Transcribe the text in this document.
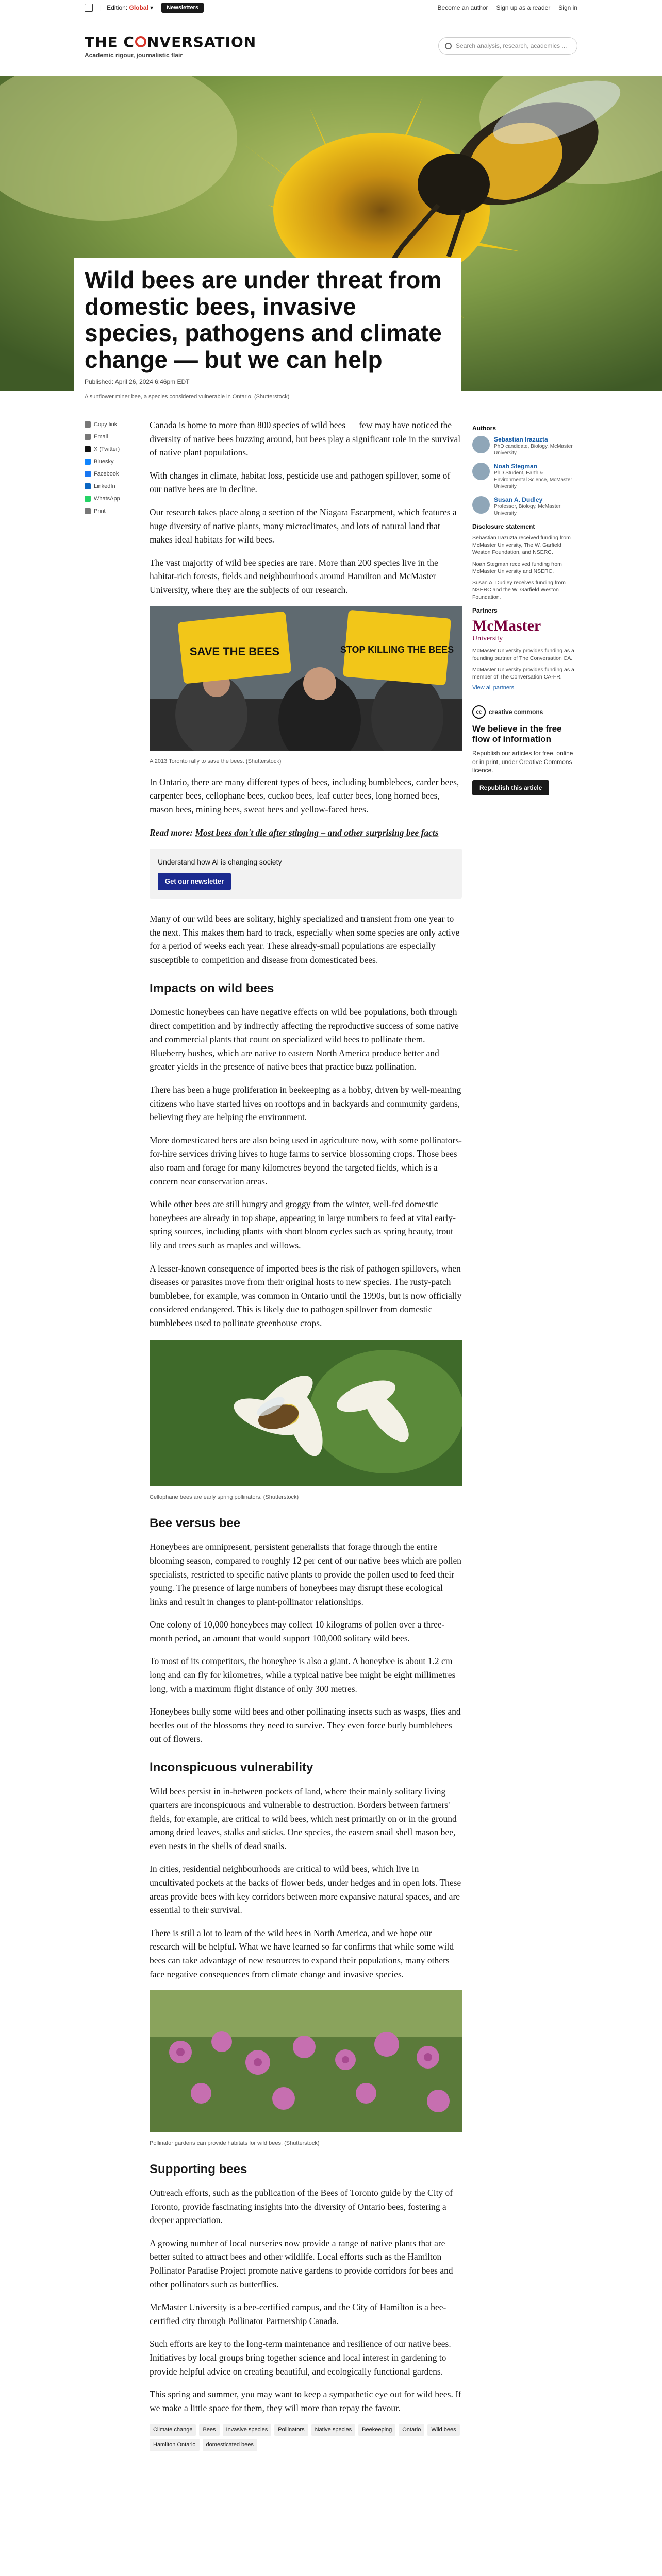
| Edition: Global ▾	Newsletters	Become an author Sign up as a reader Sign in
THE C NVERSATION
Academic rigour, journalistic flair
Search analysis, research, academics ...
Wild bees are under threat from domestic bees, invasive species, pathogens and climate change — but we can help
Published: April 26, 2024 6:46pm EDT
A sunflower miner bee, a species considered vulnerable in Ontario. (Shutterstock)
Copy link
Email
X (Twitter)
Bluesky
Facebook
LinkedIn
WhatsApp
Print

Canada is home to more than 800 species of wild bees — few may have noticed the diversity of native bees buzzing around, but bees play a significant role in the survival of native plant populations.

With changes in climate, habitat loss, pesticide use and pathogen spillover, some of our native bees are in decline.

Our research takes place along a section of the Niagara Escarpment, which features a huge diversity of native plants, many microclimates, and lots of natural land that makes ideal habitats for wild bees.

The vast majority of wild bee species are rare. More than 200 species live in the habitat-rich forests, fields and neighbourhoods around Hamilton and McMaster University, where they are the subjects of our research.

SAVE THE BEES	STOP KILLING THE BEES
A 2013 Toronto rally to save the bees. (Shutterstock)

In Ontario, there are many different types of bees, including bumblebees, carder bees, carpenter bees, cellophane bees, cuckoo bees, leaf cutter bees, long horned bees, mason bees, mining bees, sweat bees and yellow-faced bees.

Read more: Most bees don't die after stinging – and other surprising bee facts

Understand how AI is changing society
Get our newsletter

Many of our wild bees are solitary, highly specialized and transient from one year to the next. This makes them hard to track, especially when some species are only active for a period of weeks each year. These already-small populations are especially susceptible to competition and disease from domesticated bees.

Impacts on wild bees

Domestic honeybees can have negative effects on wild bee populations, both through direct competition and by indirectly affecting the reproductive success of some native and commercial plants that count on specialized wild bees to pollinate them. Blueberry bushes, which are native to eastern North America produce better and greater yields in the presence of native bees that practice buzz pollination.

There has been a huge proliferation in beekeeping as a hobby, driven by well-meaning citizens who have started hives on rooftops and in backyards and community gardens, believing they are helping the environment.

More domesticated bees are also being used in agriculture now, with some pollinators-for-hire services driving hives to huge farms to service blossoming crops. Those bees also roam and forage for many kilometres beyond the targeted fields, which is a concern near conservation areas.

While other bees are still hungry and groggy from the winter, well-fed domestic honeybees are already in top shape, appearing in large numbers to feed at vital early-spring sources, including plants with short bloom cycles such as spring beauty, trout lily and trees such as maples and willows.

A lesser-known consequence of imported bees is the risk of pathogen spillovers, when diseases or parasites move from their original hosts to new species. The rusty-patch bumblebee, for example, was common in Ontario until the 1990s, but is now officially considered endangered. This is likely due to pathogen spillover from domestic bumblebees used to pollinate greenhouse crops.

Cellophane bees are early spring pollinators. (Shutterstock)
Bee versus bee

Honeybees are omnipresent, persistent generalists that forage through the entire blooming season, compared to roughly 12 per cent of our native bees which are pollen specialists, restricted to specific native plants to provide the pollen used to feed their young. The presence of large numbers of honeybees may disrupt these ecological links and result in changes to plant-pollinator relationships.

One colony of 10,000 honeybees may collect 10 kilograms of pollen over a three-month period, an amount that would support 100,000 solitary wild bees.

To most of its competitors, the honeybee is also a giant. A honeybee is about 1.2 cm long and can fly for kilometres, while a typical native bee might be eight millimetres long, with a maximum flight distance of only 300 metres.

Honeybees bully some wild bees and other pollinating insects such as wasps, flies and beetles out of the blossoms they need to survive. They even force burly bumblebees out of flowers.

Inconspicuous vulnerability

Wild bees persist in in-between pockets of land, where their mainly solitary living quarters are inconspicuous and vulnerable to destruction. Borders between farmers' fields, for example, are critical to wild bees, which nest primarily on or in the ground among dried leaves, stalks and sticks. One species, the eastern snail shell mason bee, even nests in the shells of dead snails.

In cities, residential neighbourhoods are critical to wild bees, which live in uncultivated pockets at the backs of flower beds, under hedges and in open lots. These areas provide bees with key corridors between more expansive natural spaces, and are essential to their survival.

There is still a lot to learn of the wild bees in North America, and we hope our research will be helpful. What we have learned so far confirms that while some wild bees can take advantage of new resources to expand their populations, many others face negative consequences from climate change and invasive species.

Pollinator gardens can provide habitats for wild bees. (Shutterstock)
Supporting bees

Outreach efforts, such as the publication of the Bees of Toronto guide by the City of Toronto, provide fascinating insights into the diversity of Ontario bees, fostering a deeper appreciation.

A growing number of local nurseries now provide a range of native plants that are better suited to attract bees and other wildlife. Local efforts such as the Hamilton Pollinator Paradise Project promote native gardens to provide corridors for bees and other pollinators such as butterflies.

McMaster University is a bee-certified campus, and the City of Hamilton is a bee-certified city through Pollinator Partnership Canada.

Such efforts are key to the long-term maintenance and resilience of our native bees. Initiatives by local groups bring together science and local interest in gardening to provide helpful advice on creating beautiful, and ecologically functional gardens.

This spring and summer, you may want to keep a sympathetic eye out for wild bees. If we make a little space for them, they will more than repay the favour.

Climate change	Bees	Invasive species	Pollinators	Native species	Beekeeping	Ontario	Wild bees
Hamilton Ontario	domesticated bees
Authors
Sebastian Irazuzta
PhD candidate, Biology, McMaster University
Noah Stegman
PhD Student, Earth & Environmental Science, McMaster University
Susan A. Dudley
Professor, Biology, McMaster University
Disclosure statement

Sebastian Irazuzta received funding from McMaster University, The W. Garfield Weston Foundation, and NSERC.

Noah Stegman received funding from McMaster University and NSERC.

Susan A. Dudley receives funding from NSERC and the W. Garfield Weston Foundation.

Partners
McMaster
University

McMaster University provides funding as a founding partner of The Conversation CA.

McMaster University provides funding as a member of The Conversation CA-FR.

View all partners
cc	creative commons
We believe in the free flow of information

Republish our articles for free, online or in print, under Creative Commons licence.

Republish this article
